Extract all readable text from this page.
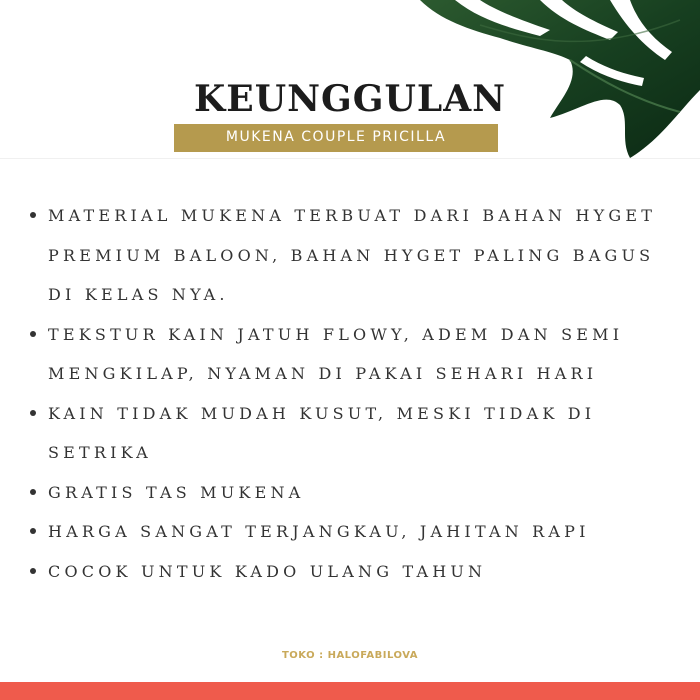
KEUNGGULAN
MUKENA COUPLE PRICILLA
MATERIAL MUKENA TERBUAT DARI BAHAN HYGET PREMIUM BALOON, BAHAN HYGET PALING BAGUS DI KELAS NYA.
TEKSTUR KAIN JATUH FLOWY, ADEM DAN SEMI MENGKILAP, NYAMAN DI PAKAI SEHARI HARI
KAIN TIDAK MUDAH KUSUT, MESKI TIDAK DI SETRIKA
GRATIS TAS MUKENA
HARGA SANGAT TERJANGKAU, JAHITAN RAPI
COCOK UNTUK KADO ULANG TAHUN
TOKO : HALOFABILOVA
